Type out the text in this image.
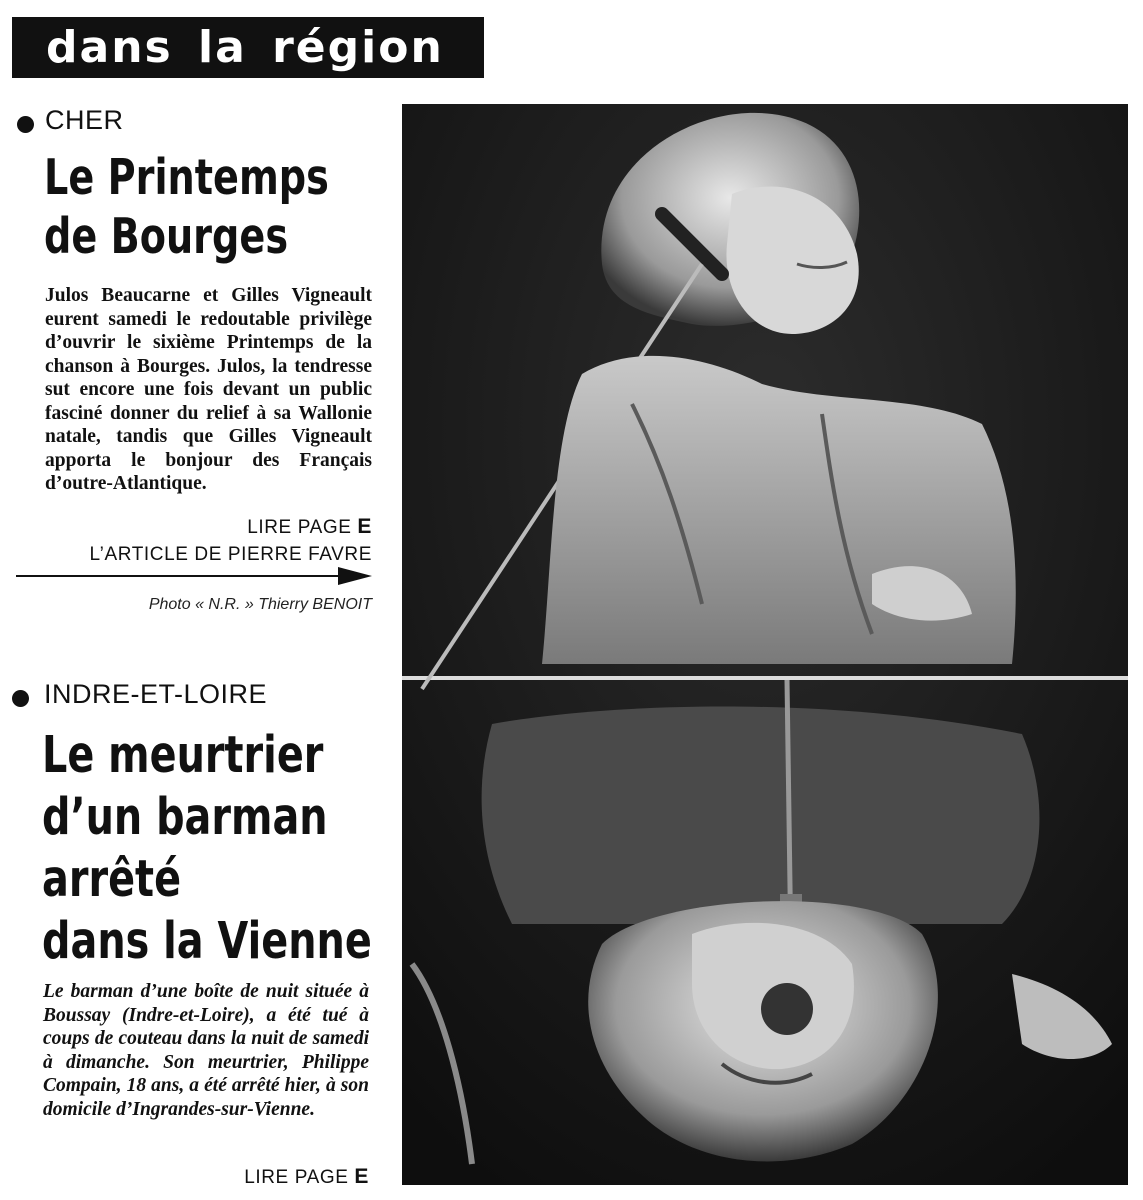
dans la région
CHER
Le Printemps
de Bourges
Julos Beaucarne et Gilles Vigneault eurent samedi le redoutable privilège d’ouvrir le sixième Printemps de la chanson à Bourges. Julos, la tendresse sut encore une fois devant un public fasciné donner du relief à sa Wallonie natale, tandis que Gilles Vigneault apporta le bonjour des Français d’outre-Atlantique.
LIRE PAGE E
L’ARTICLE DE PIERRE FAVRE
Photo « N.R. » Thierry BENOIT
INDRE-ET-LOIRE
Le meurtrier
d’un barman
arrêté
dans la Vienne
Le barman d’une boîte de nuit située à Boussay (Indre-et-Loire), a été tué à coups de couteau dans la nuit de samedi à dimanche. Son meurtrier, Philippe Compain, 18 ans, a été arrêté hier, à son domicile d’Ingrandes-sur-Vienne.
LIRE PAGE E
